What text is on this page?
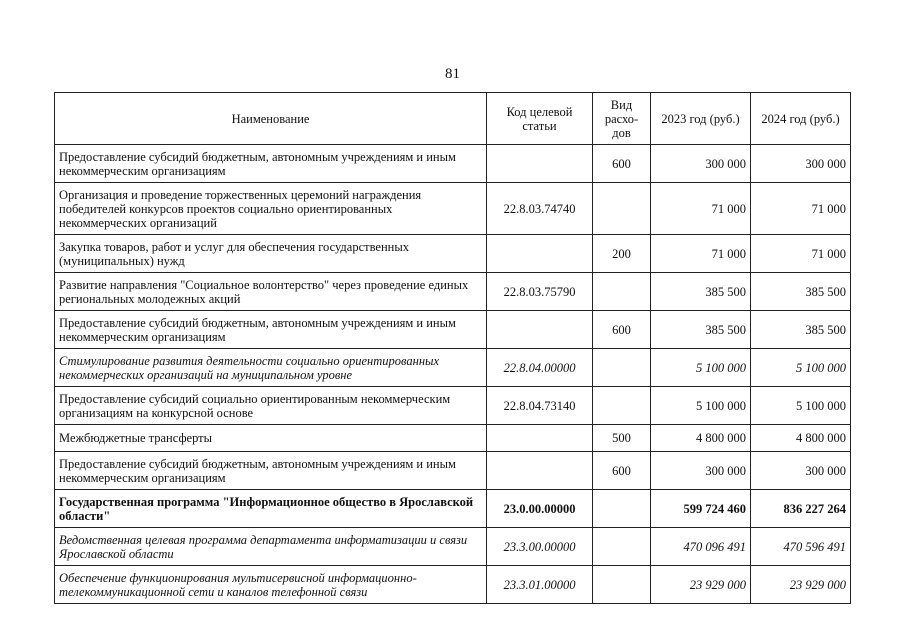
81
Наименование	Код целевой статьи	Вид расхо-дов	2023 год (руб.)	2024 год (руб.)
Предоставление субсидий бюджетным, автономным учреждениям и иным некоммерческим организациям		600	300 000	300 000
Организация и проведение торжественных церемоний награждения победителей конкурсов проектов социально ориентированных некоммерческих организаций	22.8.03.74740		71 000	71 000
Закупка товаров, работ и услуг для обеспечения государственных (муниципальных) нужд		200	71 000	71 000
Развитие направления "Социальное волонтерство" через проведение единых региональных молодежных акций	22.8.03.75790		385 500	385 500
Предоставление субсидий бюджетным, автономным учреждениям и иным некоммерческим организациям		600	385 500	385 500
Стимулирование развития деятельности социально ориентированных некоммерческих организаций на муниципальном уровне	22.8.04.00000		5 100 000	5 100 000
Предоставление субсидий социально ориентированным некоммерческим организациям на конкурсной основе	22.8.04.73140		5 100 000	5 100 000
Межбюджетные трансферты		500	4 800 000	4 800 000
Предоставление субсидий бюджетным, автономным учреждениям и иным некоммерческим организациям		600	300 000	300 000
Государственная программа "Информационное общество в Ярославской области"	23.0.00.00000		599 724 460	836 227 264
Ведомственная целевая программа департамента информатизации и связи Ярославской области	23.3.00.00000		470 096 491	470 596 491
Обеспечение функционирования мультисервисной информационно-телекоммуникационной сети и каналов телефонной связи	23.3.01.00000		23 929 000	23 929 000
